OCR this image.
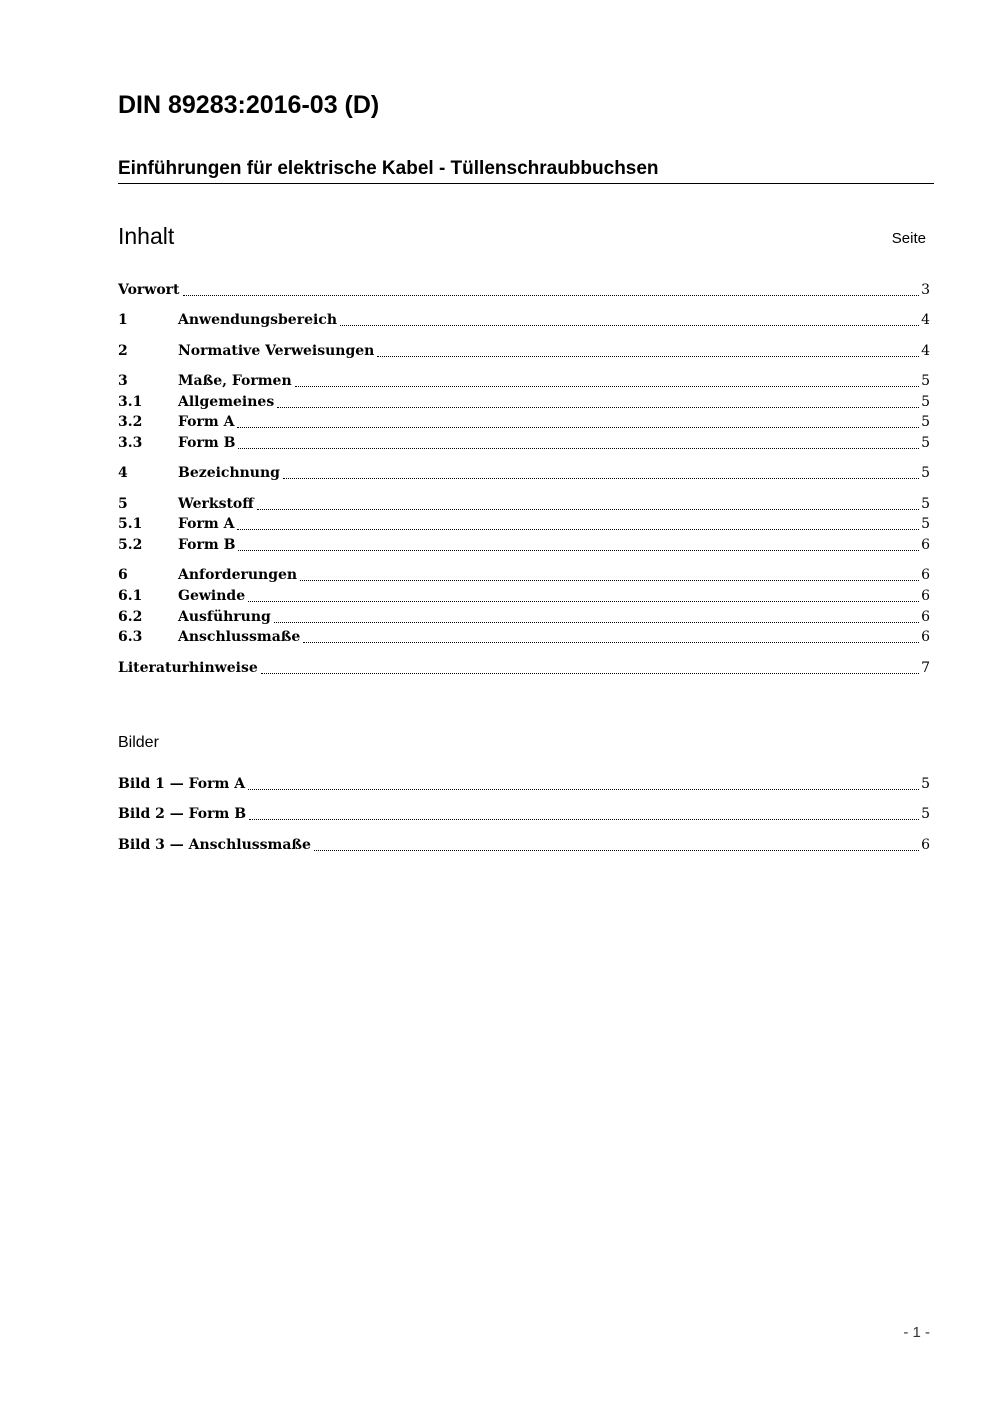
DIN 89283:2016-03 (D)
Einführungen für elektrische Kabel - Tüllenschraubbuchsen
Inhalt	Seite
Vorwort	3
1	Anwendungsbereich	4
2	Normative Verweisungen	4
3	Maße, Formen	5
3.1	Allgemeines	5
3.2	Form A	5
3.3	Form B	5
4	Bezeichnung	5
5	Werkstoff	5
5.1	Form A	5
5.2	Form B	6
6	Anforderungen	6
6.1	Gewinde	6
6.2	Ausführung	6
6.3	Anschlussmaße	6
Literaturhinweise	7
Bilder
Bild 1 — Form A	5
Bild 2 — Form B	5
Bild 3 — Anschlussmaße	6
- 1 -
